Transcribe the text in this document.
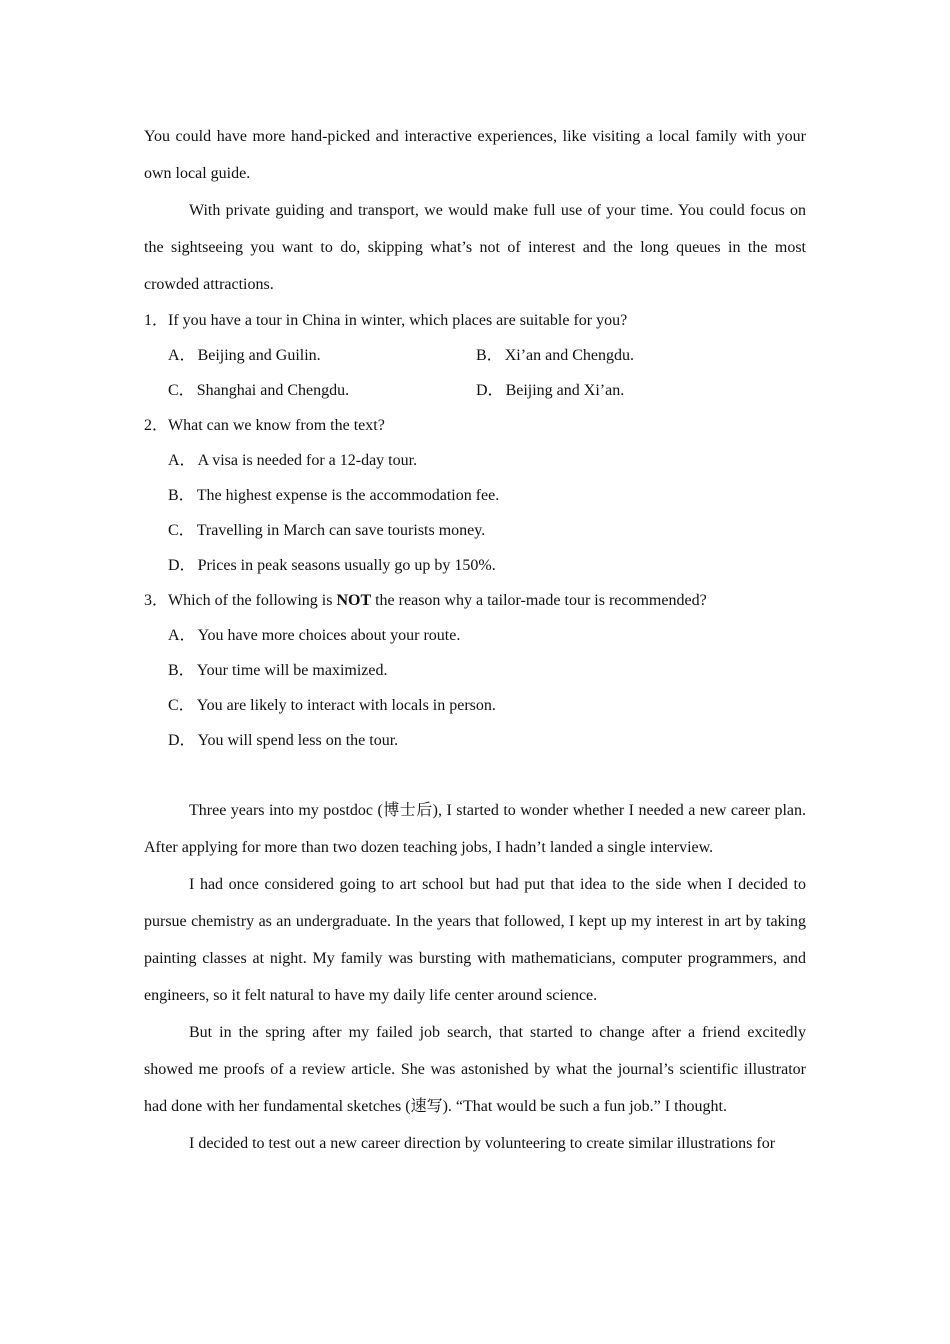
You could have more hand-picked and interactive experiences, like visiting a local family with your own local guide.

With private guiding and transport, we would make full use of your time. You could focus on the sightseeing you want to do, skipping what’s not of interest and the long queues in the most crowded attractions.

1．If you have a tour in China in winter, which places are suitable for you?

A． Beijing and Guilin.	B． Xi’an and Chengdu.
C． Shanghai and Chengdu.	D． Beijing and Xi’an.

2．What can we know from the text?

A． A visa is needed for a 12-day tour.
B． The highest expense is the accommodation fee.
C． Travelling in March can save tourists money.
D． Prices in peak seasons usually go up by 150%.

3．Which of the following is NOT the reason why a tailor-made tour is recommended?

A． You have more choices about your route.
B． Your time will be maximized.
C． You are likely to interact with locals in person.
D． You will spend less on the tour.

Three years into my postdoc (博士后), I started to wonder whether I needed a new career plan. After applying for more than two dozen teaching jobs, I hadn’t landed a single interview.

I had once considered going to art school but had put that idea to the side when I decided to pursue chemistry as an undergraduate. In the years that followed, I kept up my interest in art by taking painting classes at night. My family was bursting with mathematicians, computer programmers, and engineers, so it felt natural to have my daily life center around science.

But in the spring after my failed job search, that started to change after a friend excitedly showed me proofs of a review article. She was astonished by what the journal’s scientific illustrator had done with her fundamental sketches (速写). “That would be such a fun job.” I thought.

I decided to test out a new career direction by volunteering to create similar illustrations for
